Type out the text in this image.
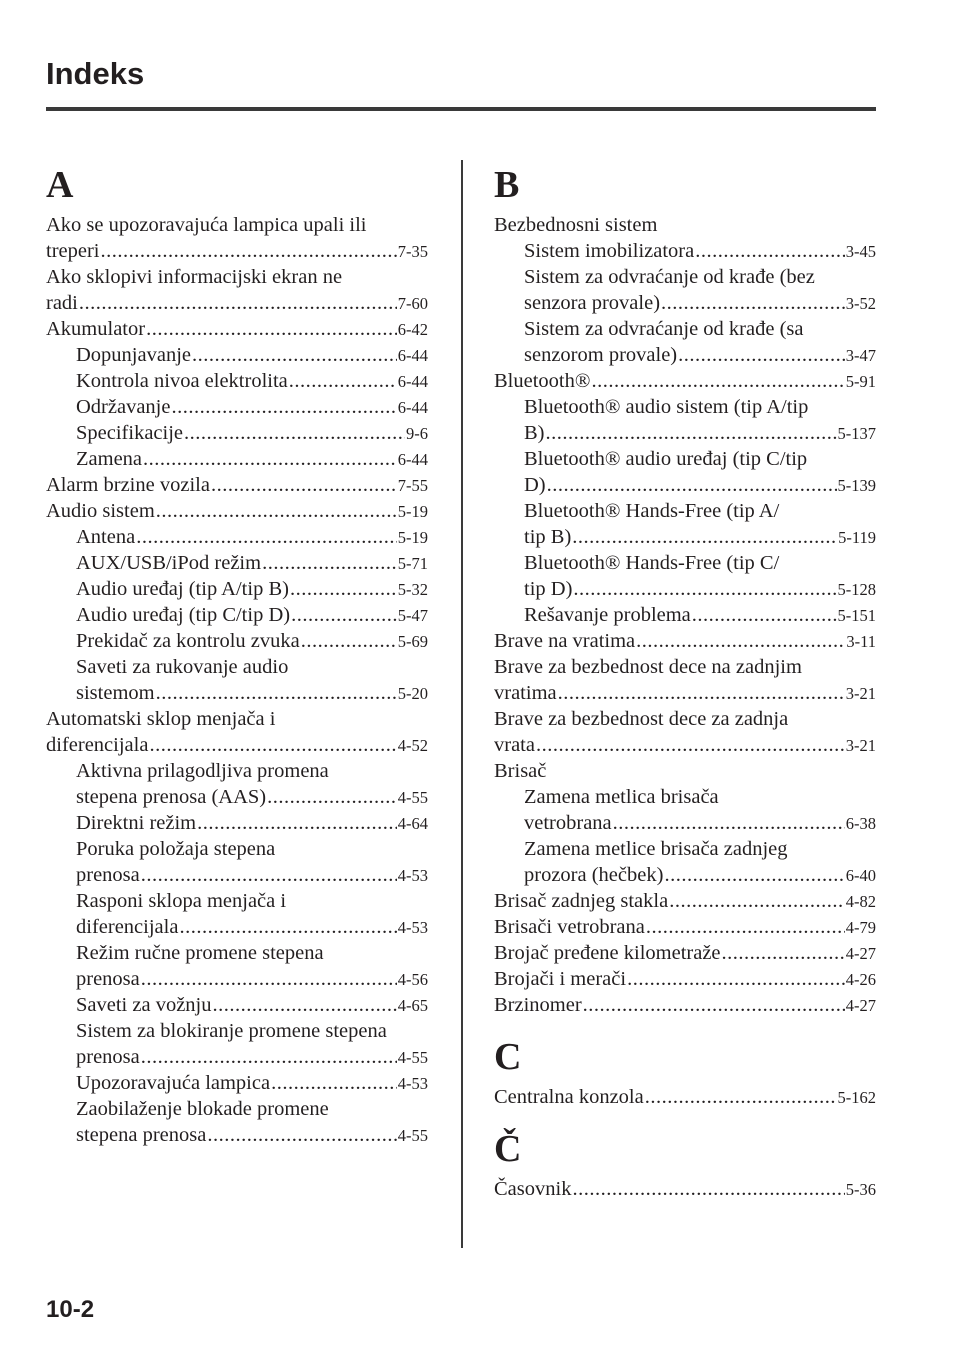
Indeks
A
Ako se upozoravajuća lampica upali ili
treperi .....	7-35
Ako sklopivi informacijski ekran ne
radi .....	7-60
Akumulator .....	6-42
Dopunjavanje .....	6-44
Kontrola nivoa elektrolita .....	6-44
Održavanje .....	6-44
Specifikacije .....	9-6
Zamena .....	6-44
Alarm brzine vozila .....	7-55
Audio sistem .....	5-19
Antena .....	5-19
AUX/USB/iPod režim .....	5-71
Audio uređaj (tip A/tip B) .....	5-32
Audio uređaj (tip C/tip D) .....	5-47
Prekidač za kontrolu zvuka .....	5-69
Saveti za rukovanje audio
sistemom .....	5-20
Automatski sklop menjača i
diferencijala .....	4-52
Aktivna prilagodljiva promena
stepena prenosa (AAS) .....	4-55
Direktni režim .....	4-64
Poruka položaja stepena
prenosa .....	4-53
Rasponi sklopa menjača i
diferencijala .....	4-53
Režim ručne promene stepena
prenosa .....	4-56
Saveti za vožnju .....	4-65
Sistem za blokiranje promene stepena
prenosa .....	4-55
Upozoravajuća lampica .....	4-53
Zaobilaženje blokade promene
stepena prenosa .....	4-55
B
Bezbednosni sistem
Sistem imobilizatora .....	3-45
Sistem za odvraćanje od krađe (bez
senzora provale) .....	3-52
Sistem za odvraćanje od krađe (sa
senzorom provale) .....	3-47
Bluetooth® .....	5-91
Bluetooth® audio sistem (tip A/tip
B) .....	5-137
Bluetooth® audio uređaj (tip C/tip
D) .....	5-139
Bluetooth® Hands-Free (tip A/
tip B) .....	5-119
Bluetooth® Hands-Free (tip C/
tip D) .....	5-128
Rešavanje problema .....	5-151
Brave na vratima .....	3-11
Brave za bezbednost dece na zadnjim
vratima .....	3-21
Brave za bezbednost dece za zadnja
vrata .....	3-21
Brisač
Zamena metlica brisača
vetrobrana .....	6-38
Zamena metlice brisača zadnjeg
prozora (hečbek) .....	6-40
Brisač zadnjeg stakla .....	4-82
Brisači vetrobrana .....	4-79
Brojač pređene kilometraže .....	4-27
Brojači i merači .....	4-26
Brzinomer .....	4-27
C
Centralna konzola .....	5-162
Č
Časovnik .....	5-36
10-2
